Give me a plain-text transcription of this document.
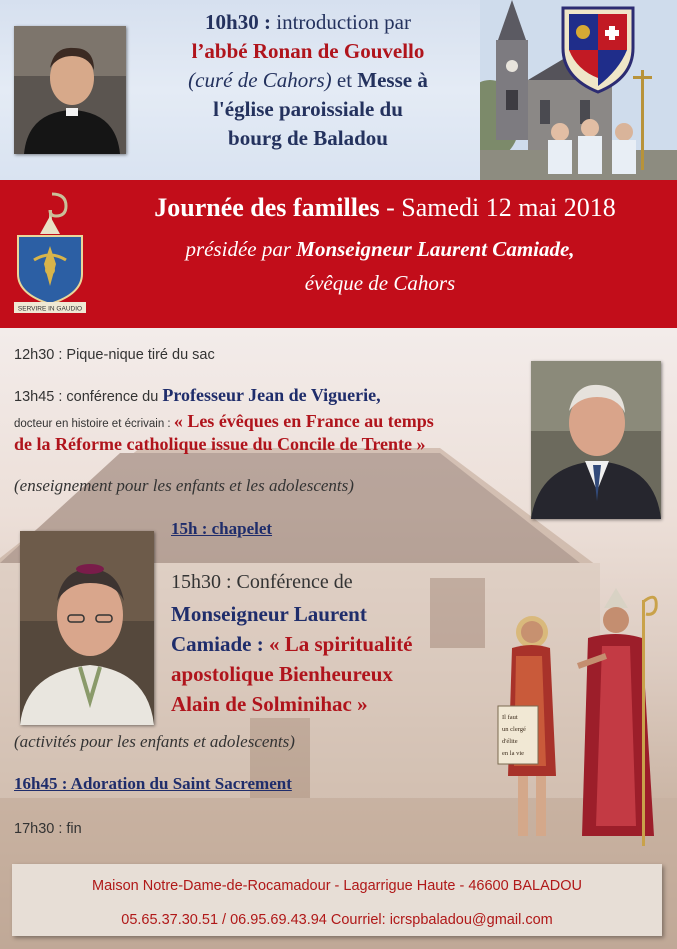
10h30 : introduction par
l’abbé Ronan de Gouvello
(curé de Cahors) et Messe à
l'église paroissiale du
bourg de Baladou
SERVIRE IN GAUDIO
Journée des familles - Samedi 12 mai 2018
présidée par Monseigneur Laurent Camiade,
évêque de Cahors
12h30 : Pique-nique tiré du sac
13h45 : conférence du Professeur Jean de Viguerie,
docteur en histoire et écrivain : « Les évêques en France au temps
de la Réforme catholique issue du Concile de Trente »
(enseignement pour les enfants et les adolescents)
15h : chapelet
15h30 : Conférence de
Monseigneur Laurent
Camiade : « La spiritualité
apostolique Bienheureux
Alain de Solminihac »
(activités pour les enfants et adolescents)
Il faut
un clergé
d'élite
en la vie
16h45 : Adoration du Saint Sacrement
17h30 : fin
Maison Notre-Dame-de-Rocamadour - Lagarrigue Haute - 46600 BALADOU
05.65.37.30.51 / 06.95.69.43.94 Courriel: icrspbaladou@gmail.com
